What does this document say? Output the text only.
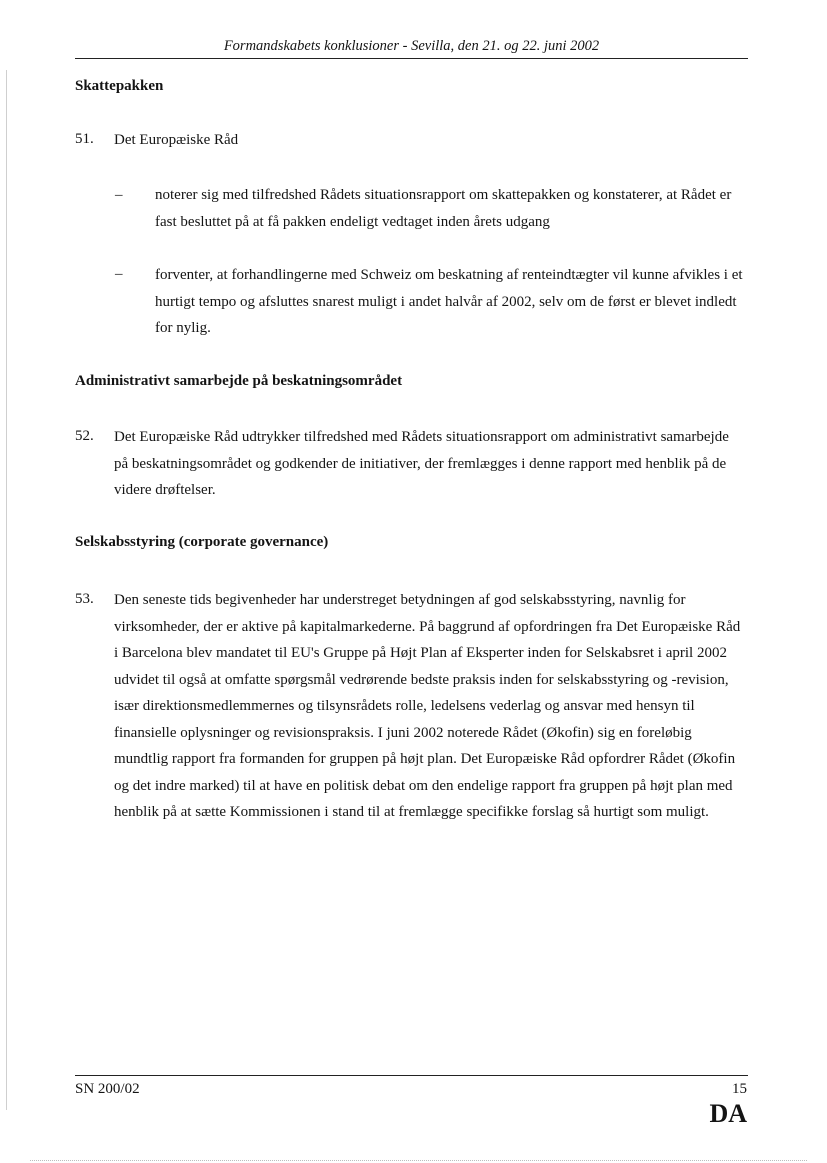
Formandskabets konklusioner - Sevilla, den 21. og 22. juni 2002
Skattepakken
51. Det Europæiske Råd
– noterer sig med tilfredshed Rådets situationsrapport om skattepakken og konstaterer, at Rådet er fast besluttet på at få pakken endeligt vedtaget inden årets udgang
– forventer, at forhandlingerne med Schweiz om beskatning af renteindtægter vil kunne afvikles i et hurtigt tempo og afsluttes snarest muligt i andet halvår af 2002, selv om de først er blevet indledt for nylig.
Administrativt samarbejde på beskatningsområdet
52. Det Europæiske Råd udtrykker tilfredshed med Rådets situationsrapport om administrativt samarbejde på beskatningsområdet og godkender de initiativer, der fremlægges i denne rapport med henblik på de videre drøftelser.
Selskabsstyring (corporate governance)
53. Den seneste tids begivenheder har understreget betydningen af god selskabsstyring, navnlig for virksomheder, der er aktive på kapitalmarkederne. På baggrund af opfordringen fra Det Europæiske Råd i Barcelona blev mandatet til EU's Gruppe på Højt Plan af Eksperter inden for Selskabsret i april 2002 udvidet til også at omfatte spørgsmål vedrørende bedste praksis inden for selskabsstyring og -revision, især direktionsmedlemmernes og tilsynsrådets rolle, ledelsens vederlag og ansvar med hensyn til finansielle oplysninger og revisionspraksis. I juni 2002 noterede Rådet (Økofin) sig en foreløbig mundtlig rapport fra formanden for gruppen på højt plan. Det Europæiske Råd opfordrer Rådet (Økofin og det indre marked) til at have en politisk debat om den endelige rapport fra gruppen på højt plan med henblik på at sætte Kommissionen i stand til at fremlægge specifikke forslag så hurtigt som muligt.
SN 200/02	15
DA
